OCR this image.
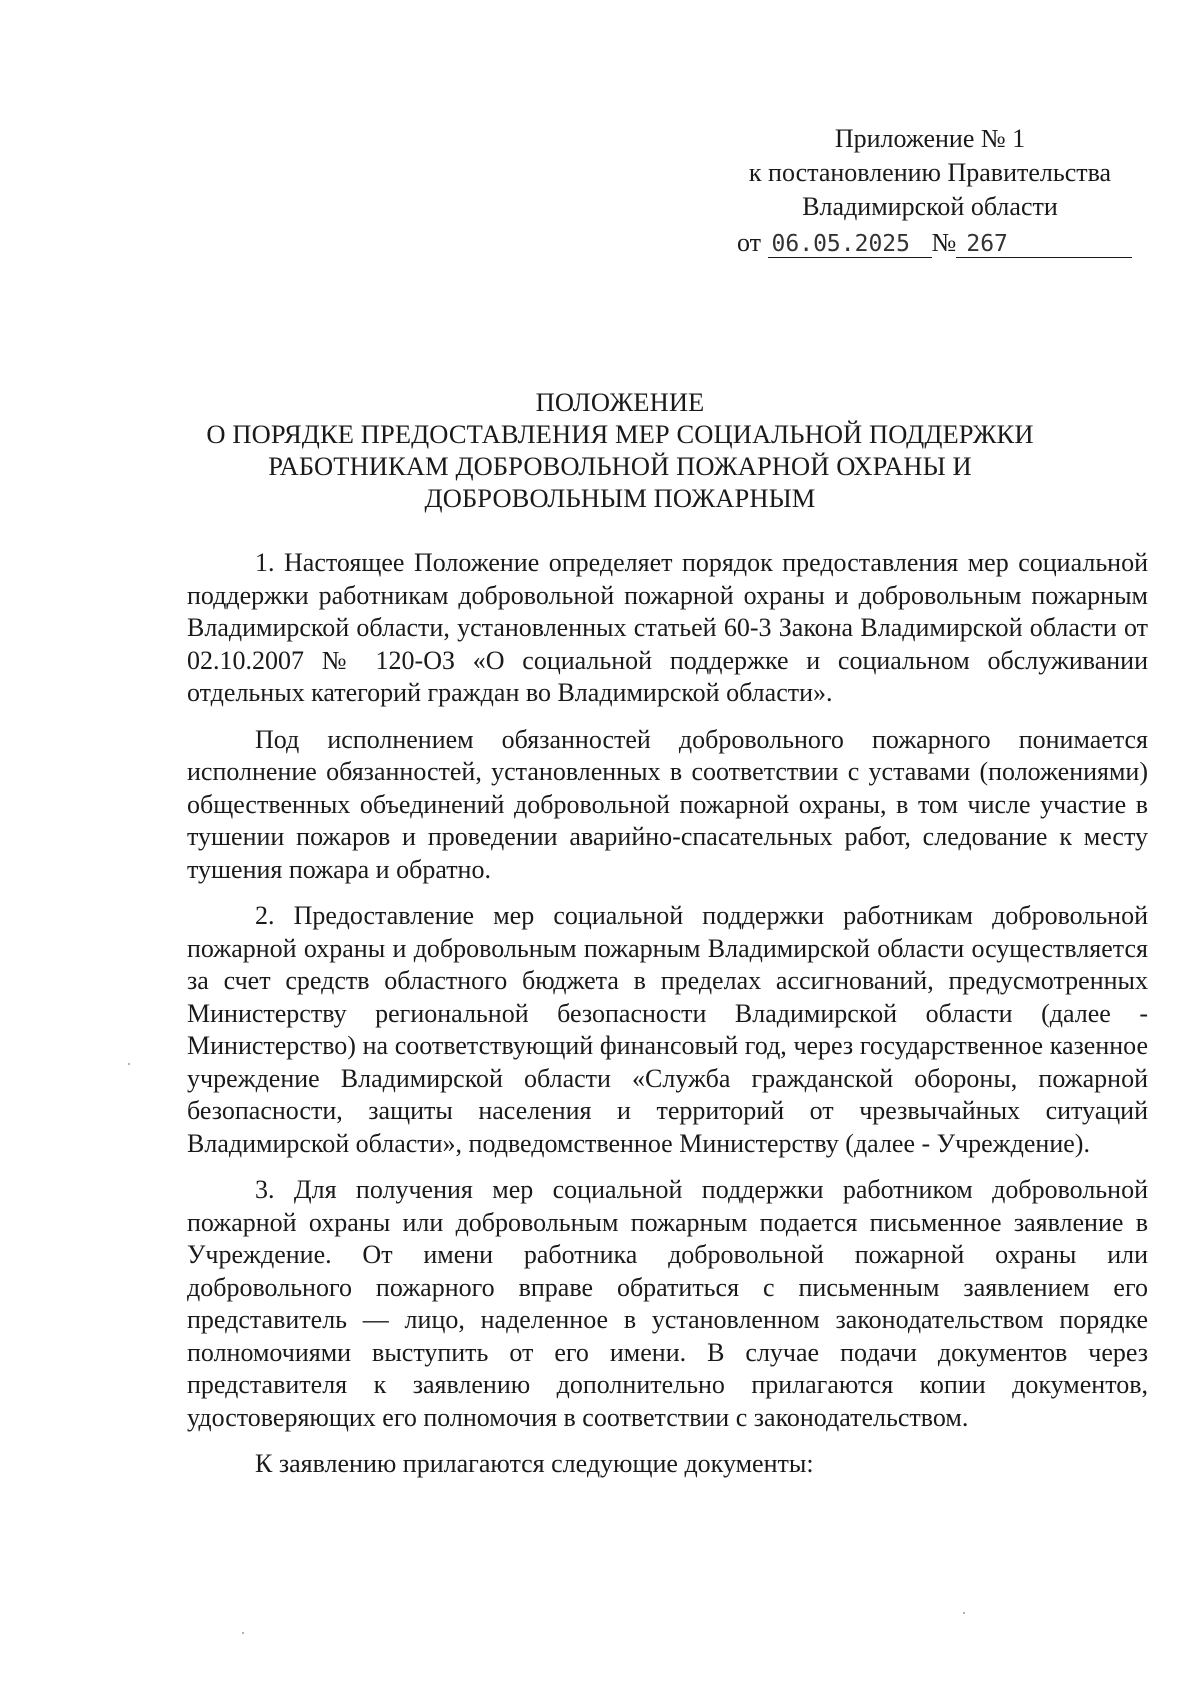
Приложение № 1
к постановлению Правительства
Владимирской области
от 06.05.2025 № 267
ПОЛОЖЕНИЕ
О ПОРЯДКЕ ПРЕДОСТАВЛЕНИЯ МЕР СОЦИАЛЬНОЙ ПОДДЕРЖКИ
РАБОТНИКАМ ДОБРОВОЛЬНОЙ ПОЖАРНОЙ ОХРАНЫ И
ДОБРОВОЛЬНЫМ ПОЖАРНЫМ

1. Настоящее Положение определяет порядок предоставления мер социальной поддержки работникам добровольной пожарной охраны и добровольным пожарным Владимирской области, установленных статьей 60-3 Закона Владимирской области от 02.10.2007 № 120-ОЗ «О социальной поддержке и социальном обслуживании отдельных категорий граждан во Владимирской области».

Под исполнением обязанностей добровольного пожарного понимается исполнение обязанностей, установленных в соответствии с уставами (положениями) общественных объединений добровольной пожарной охраны, в том числе участие в тушении пожаров и проведении аварийно-спасательных работ, следование к месту тушения пожара и обратно.

2. Предоставление мер социальной поддержки работникам добровольной пожарной охраны и добровольным пожарным Владимирской области осуществляется за счет средств областного бюджета в пределах ассигнований, предусмотренных Министерству региональной безопасности Владимирской области (далее - Министерство) на соответствующий финансовый год, через государственное казенное учреждение Владимирской области «Служба гражданской обороны, пожарной безопасности, защиты населения и территорий от чрезвычайных ситуаций Владимирской области», подведомственное Министерству (далее - Учреждение).

3. Для получения мер социальной поддержки работником добровольной пожарной охраны или добровольным пожарным подается письменное заявление в Учреждение. От имени работника добровольной пожарной охраны или добровольного пожарного вправе обратиться с письменным заявлением его представитель — лицо, наделенное в установленном законодательством порядке полномочиями выступить от его имени. В случае подачи документов через представителя к заявлению дополнительно прилагаются копии документов, удостоверяющих его полномочия в соответствии с законодательством.

К заявлению прилагаются следующие документы:
